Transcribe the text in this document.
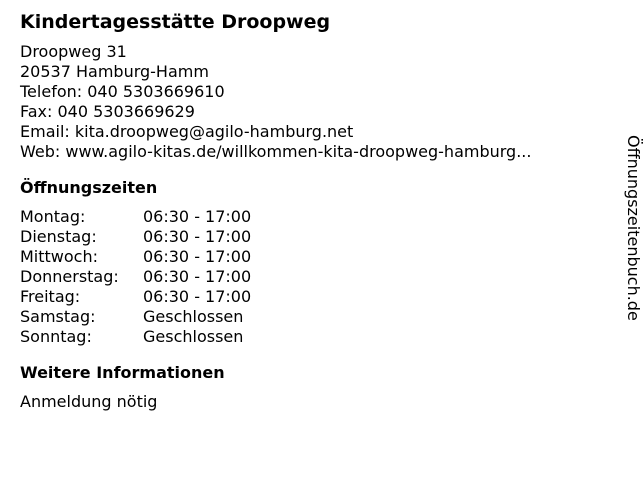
Kindertagesstätte Droopweg
Droopweg 31
20537 Hamburg-Hamm
Telefon: 040 5303669610
Fax: 040 5303669629
Email: kita.droopweg@agilo-hamburg.net
Web: www.agilo-kitas.de/willkommen-kita-droopweg-hamburg...
Öffnungszeiten
Montag:	06:30 - 17:00
Dienstag:	06:30 - 17:00
Mittwoch:	06:30 - 17:00
Donnerstag:	06:30 - 17:00
Freitag:	06:30 - 17:00
Samstag:	Geschlossen
Sonntag:	Geschlossen
Weitere Informationen
Anmeldung nötig
Öffnungszeitenbuch.de
